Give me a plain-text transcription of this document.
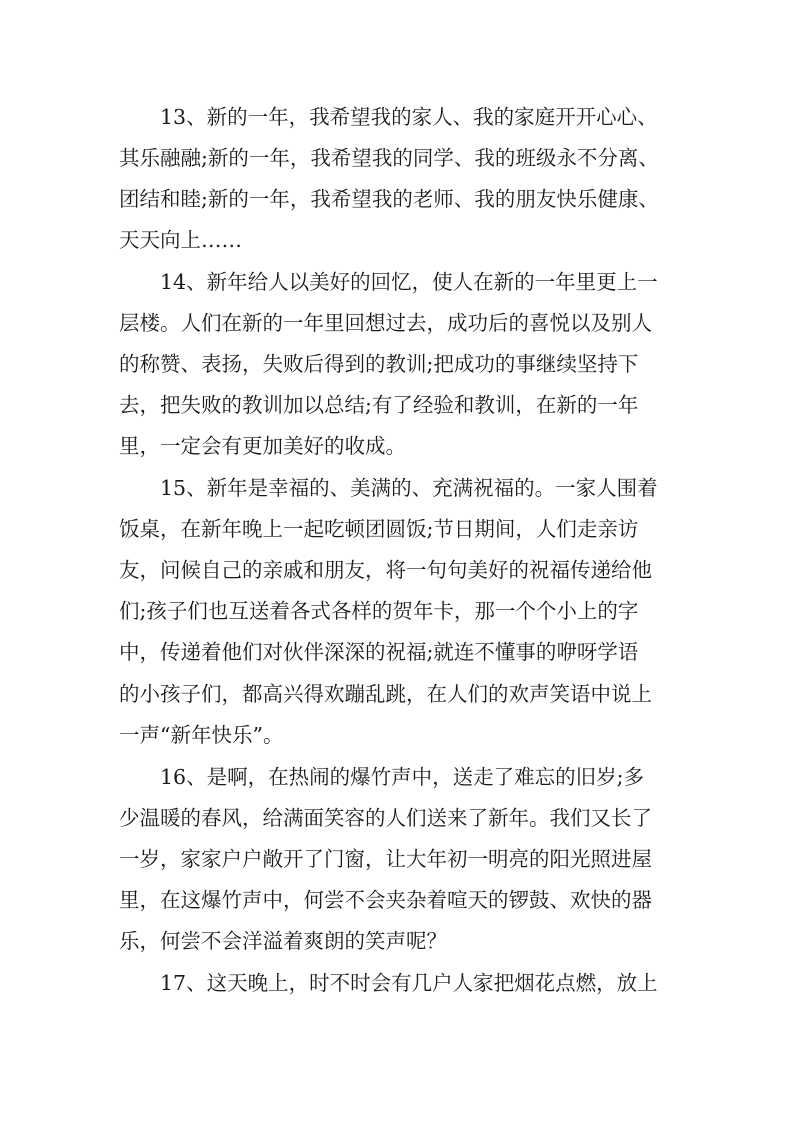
13、新的一年，我希望我的家人、我的家庭开开心心、
其乐融融;新的一年，我希望我的同学、我的班级永不分离、
团结和睦;新的一年，我希望我的老师、我的朋友快乐健康、
天天向上……
14、新年给人以美好的回忆，使人在新的一年里更上一
层楼。人们在新的一年里回想过去，成功后的喜悦以及别人
的称赞、表扬，失败后得到的教训;把成功的事继续坚持下
去，把失败的教训加以总结;有了经验和教训，在新的一年
里，一定会有更加美好的收成。
15、新年是幸福的、美满的、充满祝福的。一家人围着
饭桌，在新年晚上一起吃顿团圆饭;节日期间，人们走亲访
友，问候自己的亲戚和朋友，将一句句美好的祝福传递给他
们;孩子们也互送着各式各样的贺年卡，那一个个小上的字
中，传递着他们对伙伴深深的祝福;就连不懂事的咿呀学语
的小孩子们，都高兴得欢蹦乱跳，在人们的欢声笑语中说上
一声“新年快乐”。
16、是啊，在热闹的爆竹声中，送走了难忘的旧岁;多
少温暖的春风，给满面笑容的人们送来了新年。我们又长了
一岁，家家户户敞开了门窗，让大年初一明亮的阳光照进屋
里，在这爆竹声中，何尝不会夹杂着喧天的锣鼓、欢快的器
乐，何尝不会洋溢着爽朗的笑声呢？
17、这天晚上，时不时会有几户人家把烟花点燃，放上
